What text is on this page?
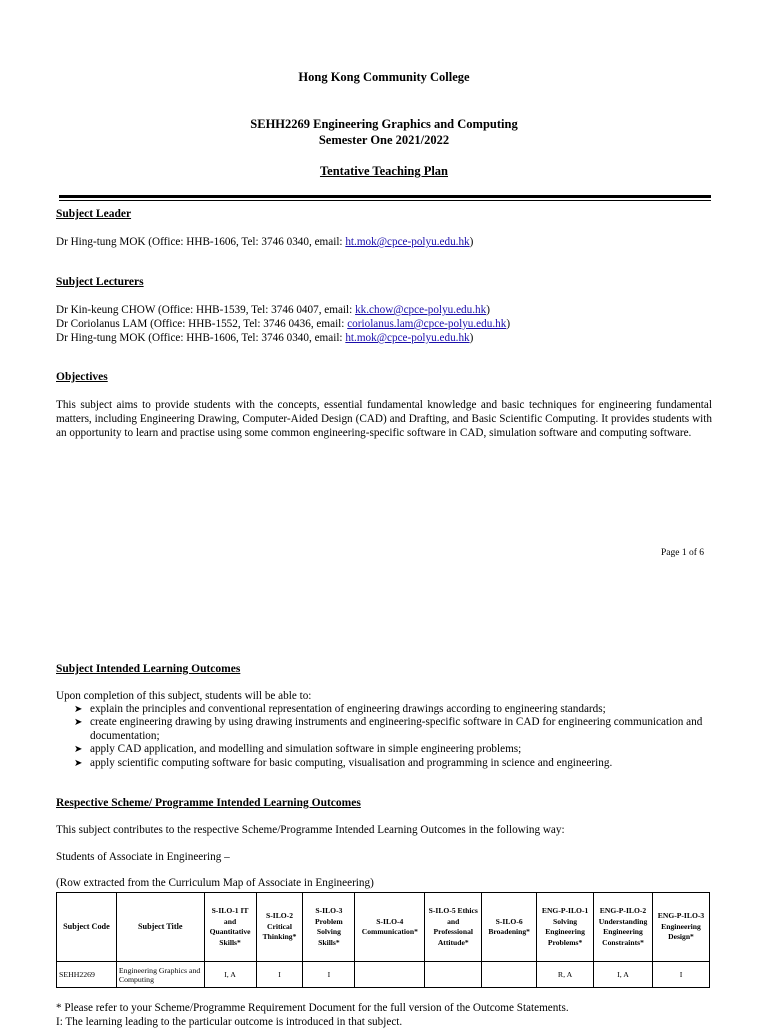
Hong Kong Community College
SEHH2269 Engineering Graphics and Computing
Semester One 2021/2022
Tentative Teaching Plan
Subject Leader
Dr Hing-tung MOK (Office: HHB-1606, Tel: 3746 0340, email: ht.mok@cpce-polyu.edu.hk)
Subject Lecturers
Dr Kin-keung CHOW (Office: HHB-1539, Tel: 3746 0407, email: kk.chow@cpce-polyu.edu.hk)
Dr Coriolanus LAM (Office: HHB-1552, Tel: 3746 0436, email: coriolanus.lam@cpce-polyu.edu.hk)
Dr Hing-tung MOK (Office: HHB-1606, Tel: 3746 0340, email: ht.mok@cpce-polyu.edu.hk)
Objectives
This subject aims to provide students with the concepts, essential fundamental knowledge and basic techniques for engineering fundamental matters, including Engineering Drawing, Computer-Aided Design (CAD) and Drafting, and Basic Scientific Computing. It provides students with an opportunity to learn and practise using some common engineering-specific software in CAD, simulation software and computing software.
Page 1 of 6
Subject Intended Learning Outcomes
Upon completion of this subject, students will be able to:
➤ explain the principles and conventional representation of engineering drawings according to engineering standards;
➤ create engineering drawing by using drawing instruments and engineering-specific software in CAD for engineering communication and documentation;
➤ apply CAD application, and modelling and simulation software in simple engineering problems;
➤ apply scientific computing software for basic computing, visualisation and programming in science and engineering.
Respective Scheme/ Programme Intended Learning Outcomes
This subject contributes to the respective Scheme/Programme Intended Learning Outcomes in the following way:
Students of Associate in Engineering –
(Row extracted from the Curriculum Map of Associate in Engineering)
Subject Code	Subject Title	S-ILO-1 IT and Quantitative Skills*	S-ILO-2 Critical Thinking*	S-ILO-3 Problem Solving Skills*	S-ILO-4 Communication*	S-ILO-5 Ethics and Professional Attitude*	S-ILO-6 Broadening*	ENG-P-ILO-1 Solving Engineering Problems*	ENG-P-ILO-2 Understanding Engineering Constraints*	ENG-P-ILO-3 Engineering Design*
SEHH2269	Engineering Graphics and Computing	I, A	I	I				R, A	I, A	I
* Please refer to your Scheme/Programme Requirement Document for the full version of the Outcome Statements.
I: The learning leading to the particular outcome is introduced in that subject.
